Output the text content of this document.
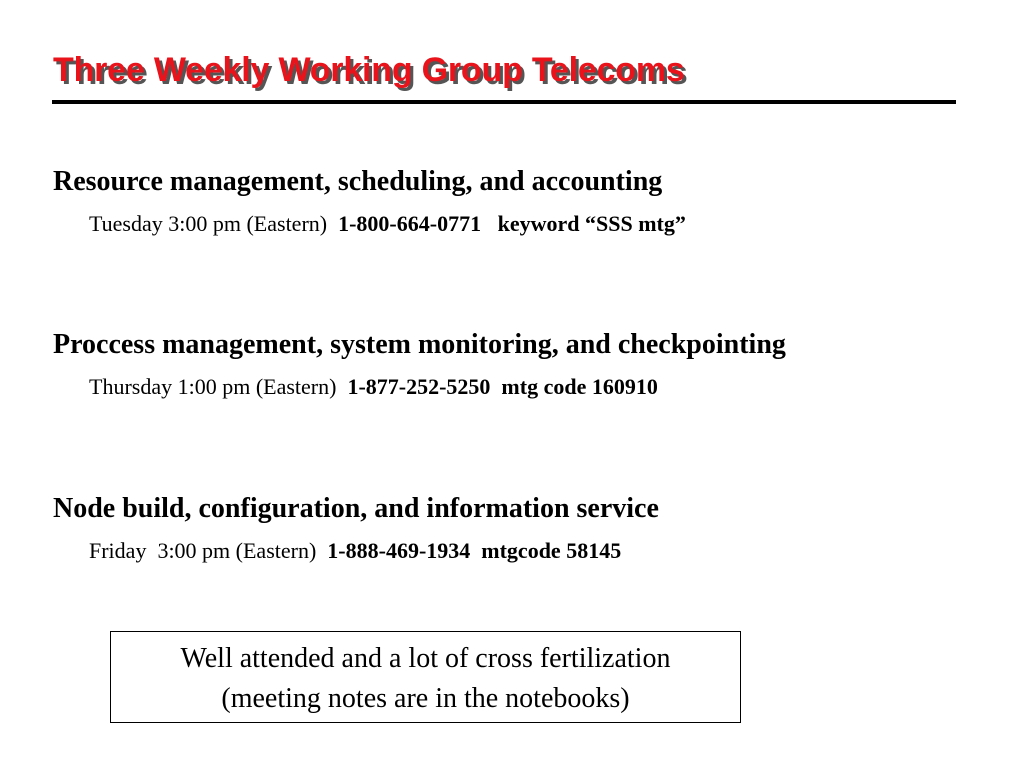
Three Weekly Working Group Telecoms
Resource management, scheduling, and accounting
Tuesday 3:00 pm (Eastern) 1-800-664-0771 keyword “SSS mtg”
Proccess management, system monitoring, and checkpointing
Thursday 1:00 pm (Eastern) 1-877-252-5250 mtg code 160910
Node build, configuration, and information service
Friday  3:00 pm (Eastern) 1-888-469-1934 mtgcode 58145
Well attended and a lot of cross fertilization
(meeting notes are in the notebooks)
